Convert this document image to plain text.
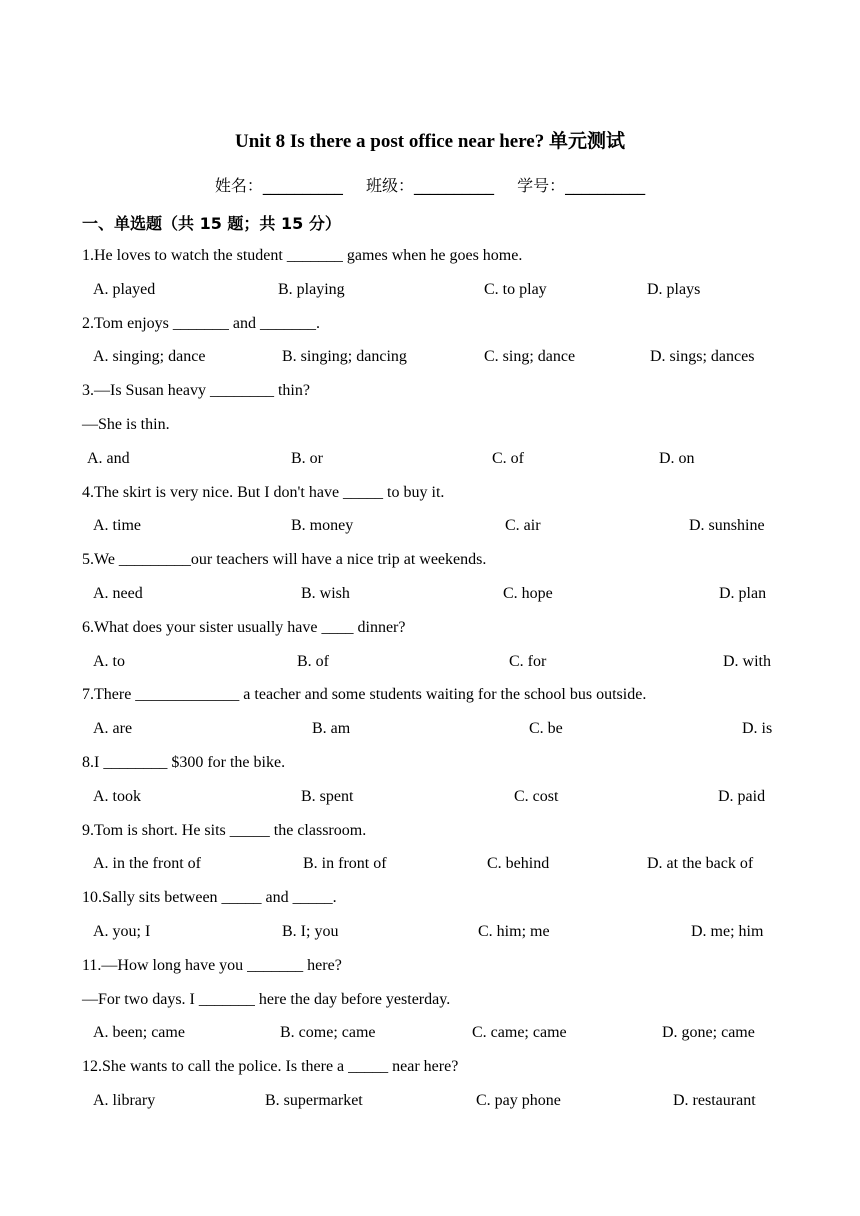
Unit 8 Is there a post office near here? 单元测试
姓名：__________ 班级：__________ 学号：__________
一、单选题（共 15 题；共 15 分）
1.He loves to watch the student _______ games when he goes home.
A. played	B. playing	C. to play	D. plays
2.Tom enjoys _______ and _______.
A. singing; dance	B. singing; dancing	C. sing; dance	D. sings; dances
3.—Is Susan heavy ________ thin?
—She is thin.
A. and	B. or	C. of	D. on
4.The skirt is very nice. But I don't have _____ to buy it.
A. time	B. money	C. air	D. sunshine
5.We _________our teachers will have a nice trip at weekends.
A. need	B. wish	C. hope	D. plan
6.What does your sister usually have ____ dinner?
A. to	B. of	C. for	D. with
7.There _____________ a teacher and some students waiting for the school bus outside.
A. are	B. am	C. be	D. is
8.I ________ $300 for the bike.
A. took	B. spent	C. cost	D. paid
9.Tom is short. He sits _____ the classroom.
A. in the front of	B. in front of	C. behind	D. at the back of
10.Sally sits between _____ and _____.
A. you; I	B. I; you	C. him; me	D. me; him
11.—How long have you _______ here?
—For two days. I _______ here the day before yesterday.
A. been; came	B. come; came	C. came; came	D. gone; came
12.She wants to call the police. Is there a _____ near here?
A. library	B. supermarket	C. pay phone	D. restaurant
